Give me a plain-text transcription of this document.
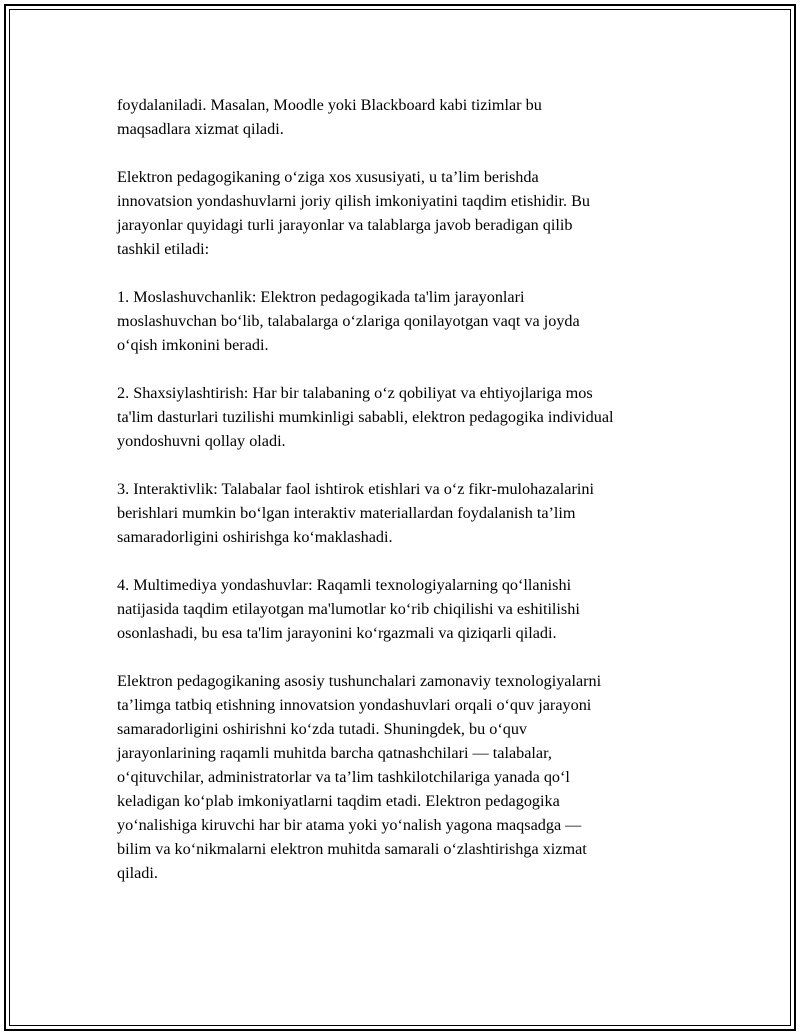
foydalaniladi. Masalan, Moodle yoki Blackboard kabi tizimlar bu
maqsadlara xizmat qiladi.

Elektron pedagogikaning o‘ziga xos xususiyati, u ta’lim berishda
innovatsion yondashuvlarni joriy qilish imkoniyatini taqdim etishidir. Bu
jarayonlar quyidagi turli jarayonlar va talablarga javob beradigan qilib
tashkil etiladi:

1. Moslashuvchanlik: Elektron pedagogikada ta'lim jarayonlari
moslashuvchan bo‘lib, talabalarga o‘zlariga qonilayotgan vaqt va joyda
o‘qish imkonini beradi.

2. Shaxsiylashtirish: Har bir talabaning o‘z qobiliyat va ehtiyojlariga mos
ta'lim dasturlari tuzilishi mumkinligi sababli, elektron pedagogika individual
yondoshuvni qollay oladi.

3. Interaktivlik: Talabalar faol ishtirok etishlari va o‘z fikr-mulohazalarini
berishlari mumkin bo‘lgan interaktiv materiallardan foydalanish ta’lim
samaradorligini oshirishga ko‘maklashadi.

4. Multimediya yondashuvlar: Raqamli texnologiyalarning qo‘llanishi
natijasida taqdim etilayotgan ma'lumotlar ko‘rib chiqilishi va eshitilishi
osonlashadi, bu esa ta'lim jarayonini ko‘rgazmali va qiziqarli qiladi.

Elektron pedagogikaning asosiy tushunchalari zamonaviy texnologiyalarni
ta’limga tatbiq etishning innovatsion yondashuvlari orqali o‘quv jarayoni
samaradorligini oshirishni ko‘zda tutadi. Shuningdek, bu o‘quv
jarayonlarining raqamli muhitda barcha qatnashchilari — talabalar,
o‘qituvchilar, administratorlar va ta’lim tashkilotchilariga yanada qo‘l
keladigan ko‘plab imkoniyatlarni taqdim etadi. Elektron pedagogika
yo‘nalishiga kiruvchi har bir atama yoki yo‘nalish yagona maqsadga —
bilim va ko‘nikmalarni elektron muhitda samarali o‘zlashtirishga xizmat
qiladi.
